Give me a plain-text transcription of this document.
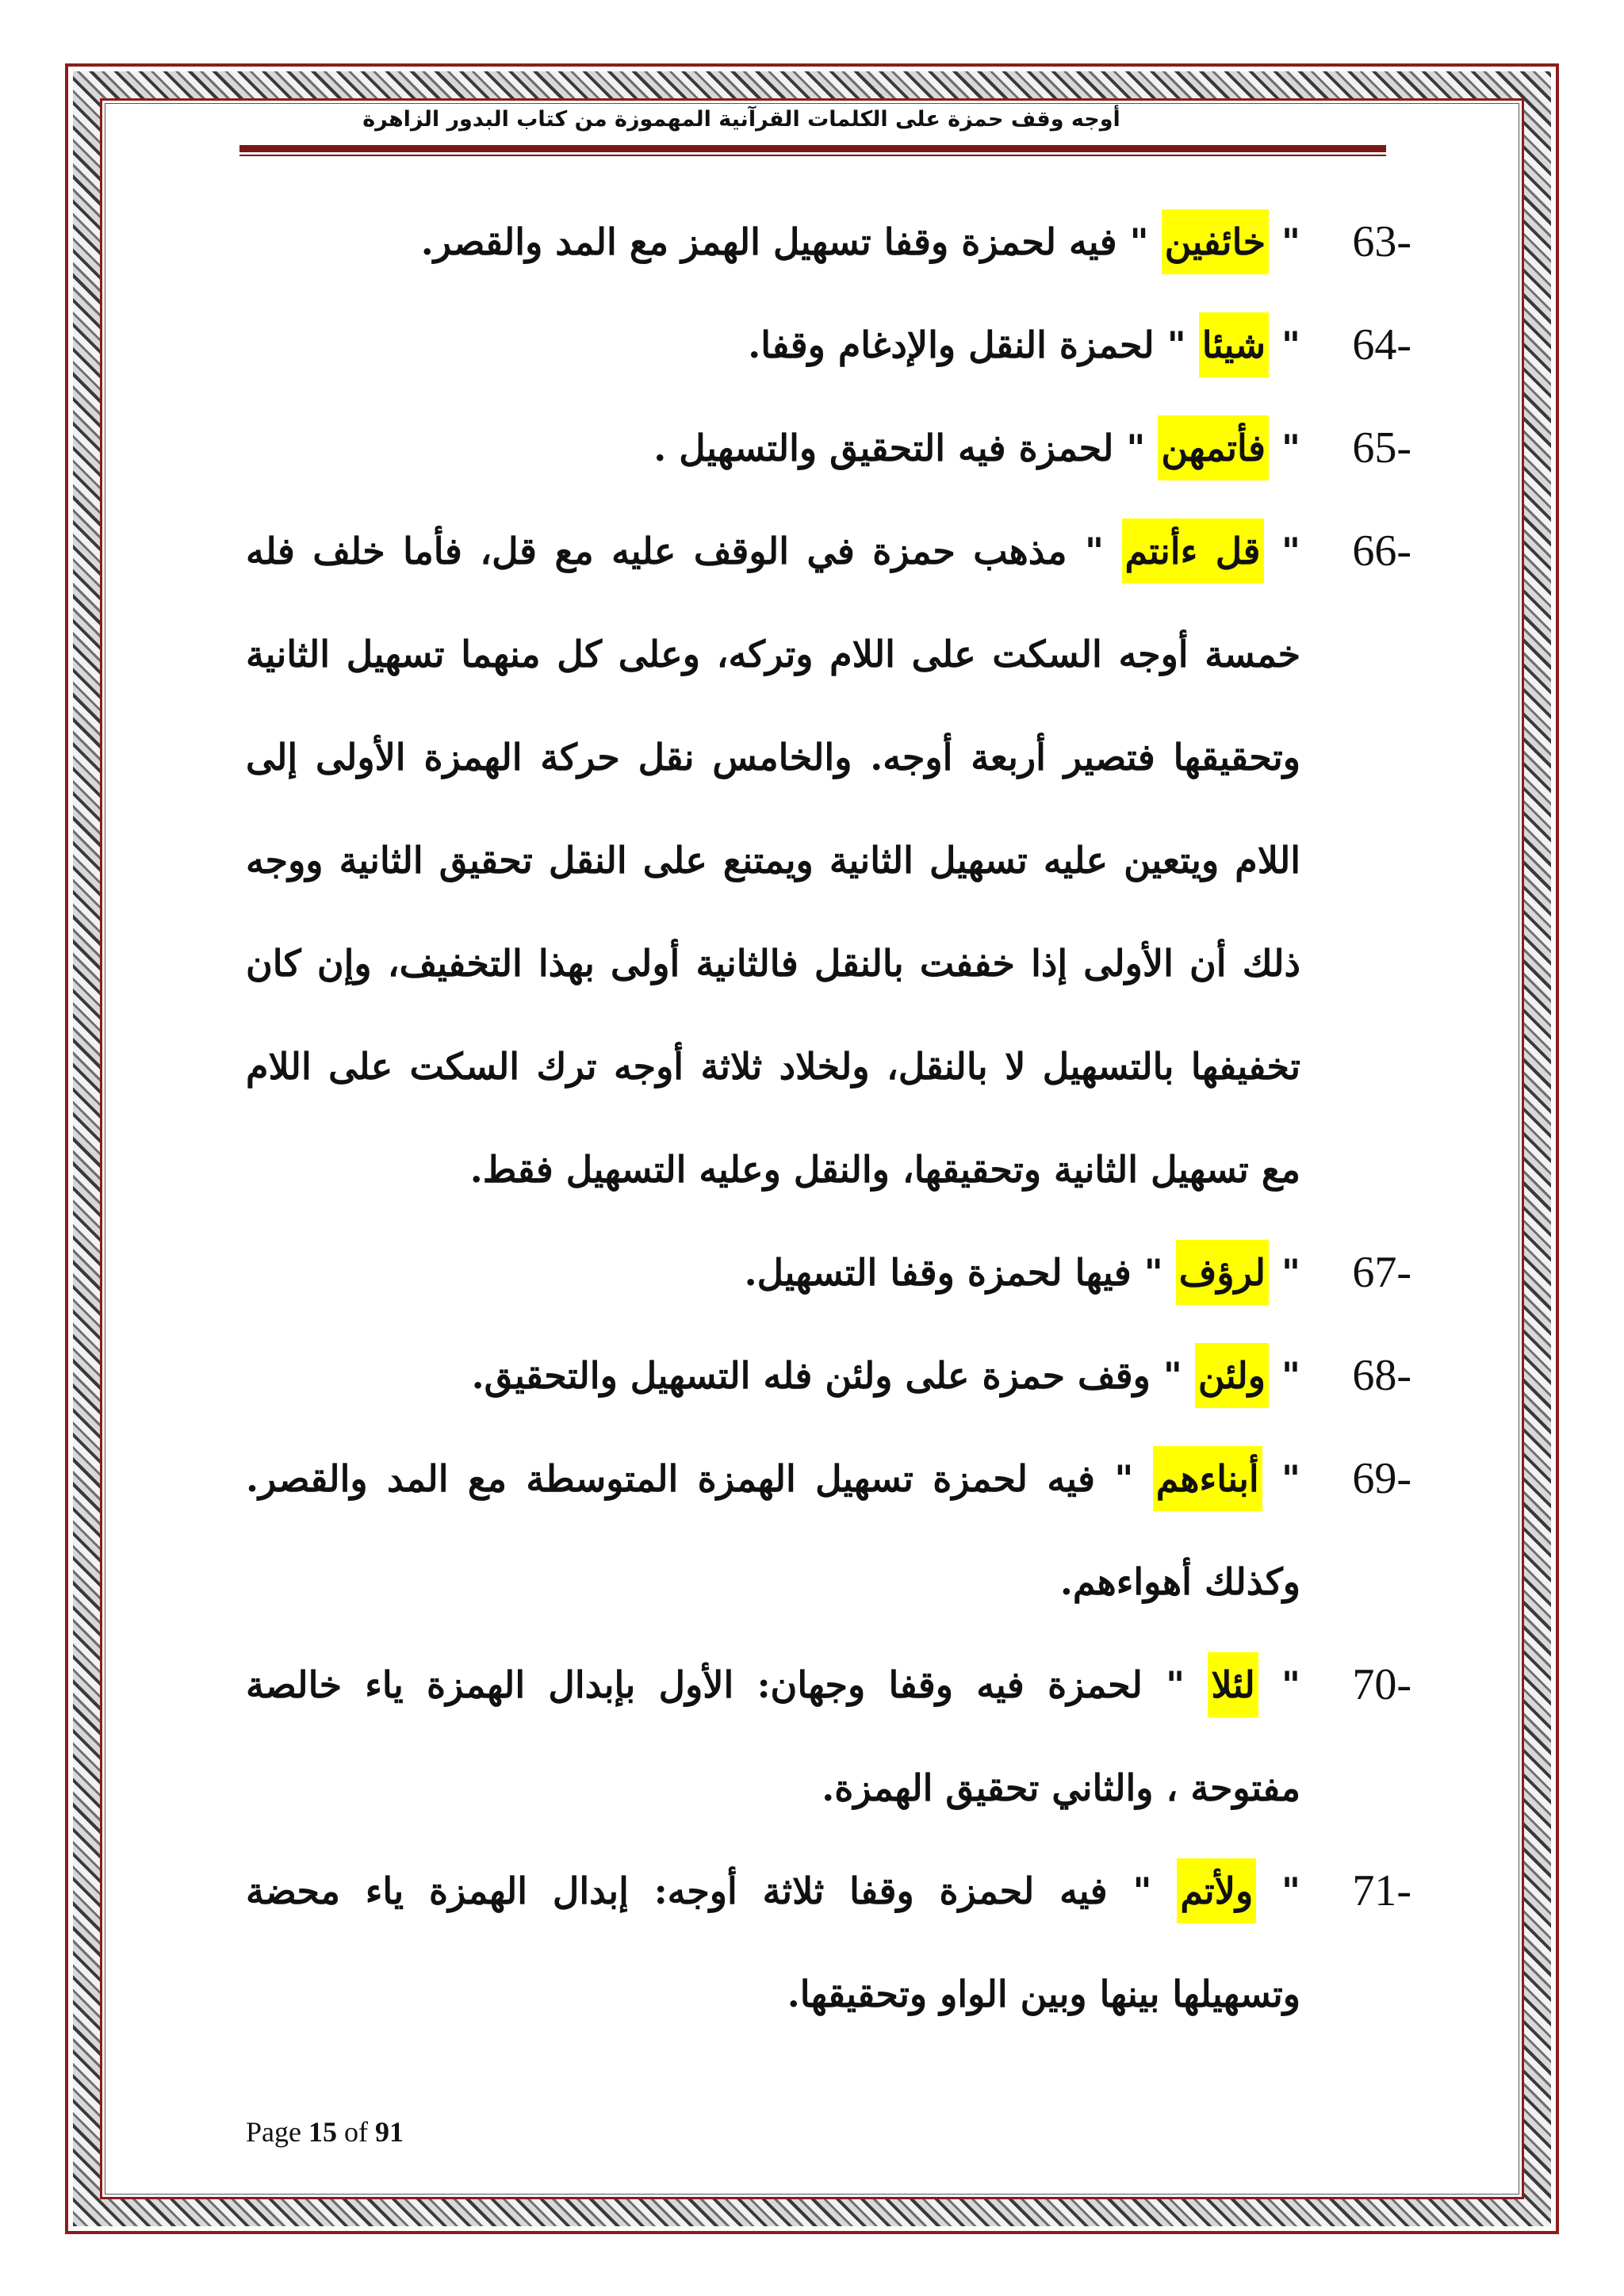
أوجه وقف حمزة على الكلمات القرآنية المهموزة من كتاب البدور الزاهرة
63-

" خائفين " فيه لحمزة وقفا تسهيل الهمز مع المد والقصر.

64-

" شيئا " لحمزة النقل والإدغام وقفا.

65-

" فأتمهن " لحمزة فيه التحقيق والتسهيل .

66-

" قل ءأنتم " مذهب حمزة في الوقف عليه مع قل، فأما خلف فله خمسة أوجه السكت على اللام وتركه، وعلى كل منهما تسهيل الثانية وتحقيقها فتصير أربعة أوجه. والخامس نقل حركة الهمزة الأولى إلى اللام ويتعين عليه تسهيل الثانية ويمتنع على النقل تحقيق الثانية ووجه ذلك أن الأولى إذا خففت بالنقل فالثانية أولى بهذا التخفيف، وإن كان تخفيفها بالتسهيل لا بالنقل، ولخلاد ثلاثة أوجه ترك السكت على اللام مع تسهيل الثانية وتحقيقها، والنقل وعليه التسهيل فقط.

67-

" لرؤف " فيها لحمزة وقفا التسهيل.

68-

" ولئن " وقف حمزة على ولئن فله التسهيل والتحقيق.

69-

" أبناءهم " فيه لحمزة تسهيل الهمزة المتوسطة مع المد والقصر. وكذلك أهواءهم.

70-

" لئلا " لحمزة فيه وقفا وجهان: الأول بإبدال الهمزة ياء خالصة مفتوحة ، والثاني تحقيق الهمزة.

71-

" ولأتم " فيه لحمزة وقفا ثلاثة أوجه: إبدال الهمزة ياء محضة وتسهيلها بينها وبين الواو وتحقيقها.

Page 15 of 91
